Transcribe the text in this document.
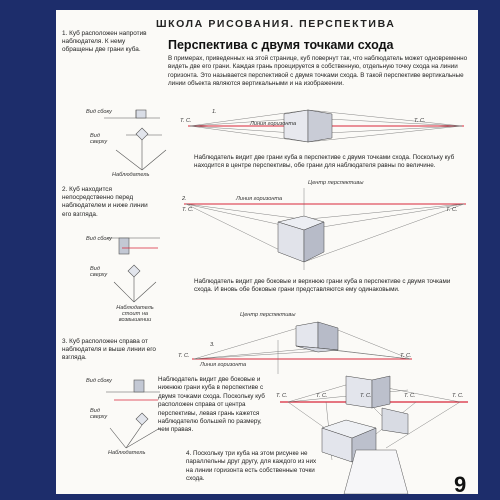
ШКОЛА РИСОВАНИЯ. ПЕРСПЕКТИВА
Перспектива с двумя точками схода
В примерах, приведенных на этой странице, куб повернут так, что наблюдатель может одновременно видеть две его грани. Каждая грань проецируется в собственную, отдельную точку схода на линии горизонта. Это называется перспективой с двумя точками схода. В такой перспективе вертикальные линии объекта являются вертикальными и на изображении.
1. Куб расположен напротив наблюдателя. К нему обращены две грани куба.
Вид сбоку
Вид сверху
Наблюдатель
2. Куб находится непосредственно перед наблюдателем и ниже линии его взгляда.
Вид сбоку
Вид сверху
Наблюдатель стоит на возвышении
3. Куб расположен справа от наблюдателя и выше линии его взгляда.
Вид сбоку
Вид сверху
Наблюдатель
1.
Т. С.	Т. С.
Линия горизонта
Наблюдатель видит две грани куба в перспективе с двумя точками схода. Поскольку куб находится в центре перспективы, обе грани для наблюдателя равны по величине.
2.
Т. С.	Т. С.
Линия горизонта
Центр перспективы
Наблюдатель видит две боковые и верхнюю грани куба в перспективе с двумя точками схода. И вновь обе боковые грани представляются ему одинаковыми.
3.
Т. С.	Т. С.
Линия горизонта
Центр перспективы
Наблюдатель видит две боковые и нижнюю грани куба в перспективе с двумя точками схода. Поскольку куб расположен справа от центра перспективы, левая грань кажется наблюдателю большей по размеру, чем правая.
Т. С.	Т. С.	Т. С.	Т. С.	Т. С.
4. Поскольку три куба на этом рисунке не параллельны друг другу, для каждого из них на линии горизонта есть собственные точки схода.	9
